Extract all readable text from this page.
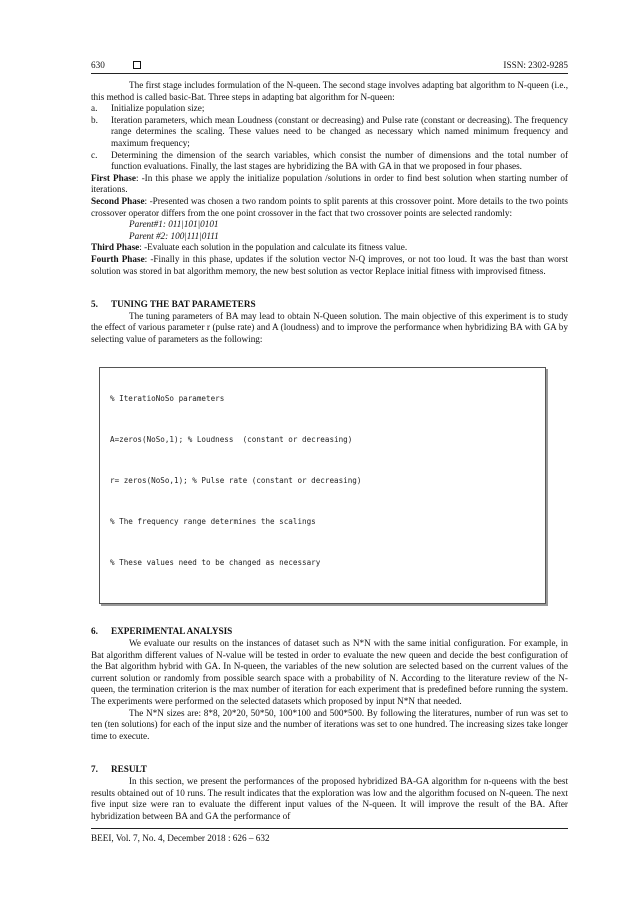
630	ISSN: 2302-9285

The first stage includes formulation of the N-queen. The second stage involves adapting bat algorithm to N-queen (i.e., this method is called basic-Bat. Three steps in adapting bat algorithm for N-queen:

a.	Initialize population size;
b.	Iteration parameters, which mean Loudness (constant or decreasing) and Pulse rate (constant or decreasing). The frequency range determines the scaling. These values need to be changed as necessary which named minimum frequency and maximum frequency;
c.	Determining the dimension of the search variables, which consist the number of dimensions and the total number of function evaluations. Finally, the last stages are hybridizing the BA with GA in that we proposed in four phases.

First Phase: -In this phase we apply the initialize population /solutions in order to find best solution when starting number of iterations.

Second Phase: -Presented was chosen a two random points to split parents at this crossover point. More details to the two points crossover operator differs from the one point crossover in the fact that two crossover points are selected randomly:

Parent#1: 011|101|0101

Parent #2: 100|111|0111

Third Phase: -Evaluate each solution in the population and calculate its fitness value.

Fourth Phase: -Finally in this phase, updates if the solution vector N-Q improves, or not too loud. It was the bast than worst solution was stored in bat algorithm memory, the new best solution as vector Replace initial fitness with improvised fitness.

5.	TUNING THE BAT PARAMETERS

The tuning parameters of BA may lead to obtain N-Queen solution. The main objective of this experiment is to study the effect of various parameter r (pulse rate) and A (loudness) and to improve the performance when hybridizing BA with GA by selecting value of parameters as the following:

% IteratioNoSo parameters

A=zeros(NoSo,1); % Loudness  (constant or decreasing)

r= zeros(NoSo,1); % Pulse rate (constant or decreasing)

% The frequency range determines the scalings

% These values need to be changed as necessary

6.	EXPERIMENTAL ANALYSIS

We evaluate our results on the instances of dataset such as N*N with the same initial configuration. For example, in Bat algorithm different values of N-value will be tested in order to evaluate the new queen and decide the best configuration of the Bat algorithm hybrid with GA. In N-queen, the variables of the new solution are selected based on the current values of the current solution or randomly from possible search space with a probability of N. According to the literature review of the N-queen, the termination criterion is the max number of iteration for each experiment that is predefined before running the system. The experiments were performed on the selected datasets which proposed by input N*N that needed.

The N*N sizes are: 8*8, 20*20, 50*50, 100*100 and 500*500. By following the literatures, number of run was set to ten (ten solutions) for each of the input size and the number of iterations was set to one hundred. The increasing sizes take longer time to execute.

7.	RESULT

In this section, we present the performances of the proposed hybridized BA-GA algorithm for n-queens with the best results obtained out of 10 runs. The result indicates that the exploration was low and the algorithm focused on N-queen. The next five input size were ran to evaluate the different input values of the N-queen. It will improve the result of the BA. After hybridization between BA and GA the performance of

BEEI, Vol. 7, No. 4, December 2018 : 626 – 632
